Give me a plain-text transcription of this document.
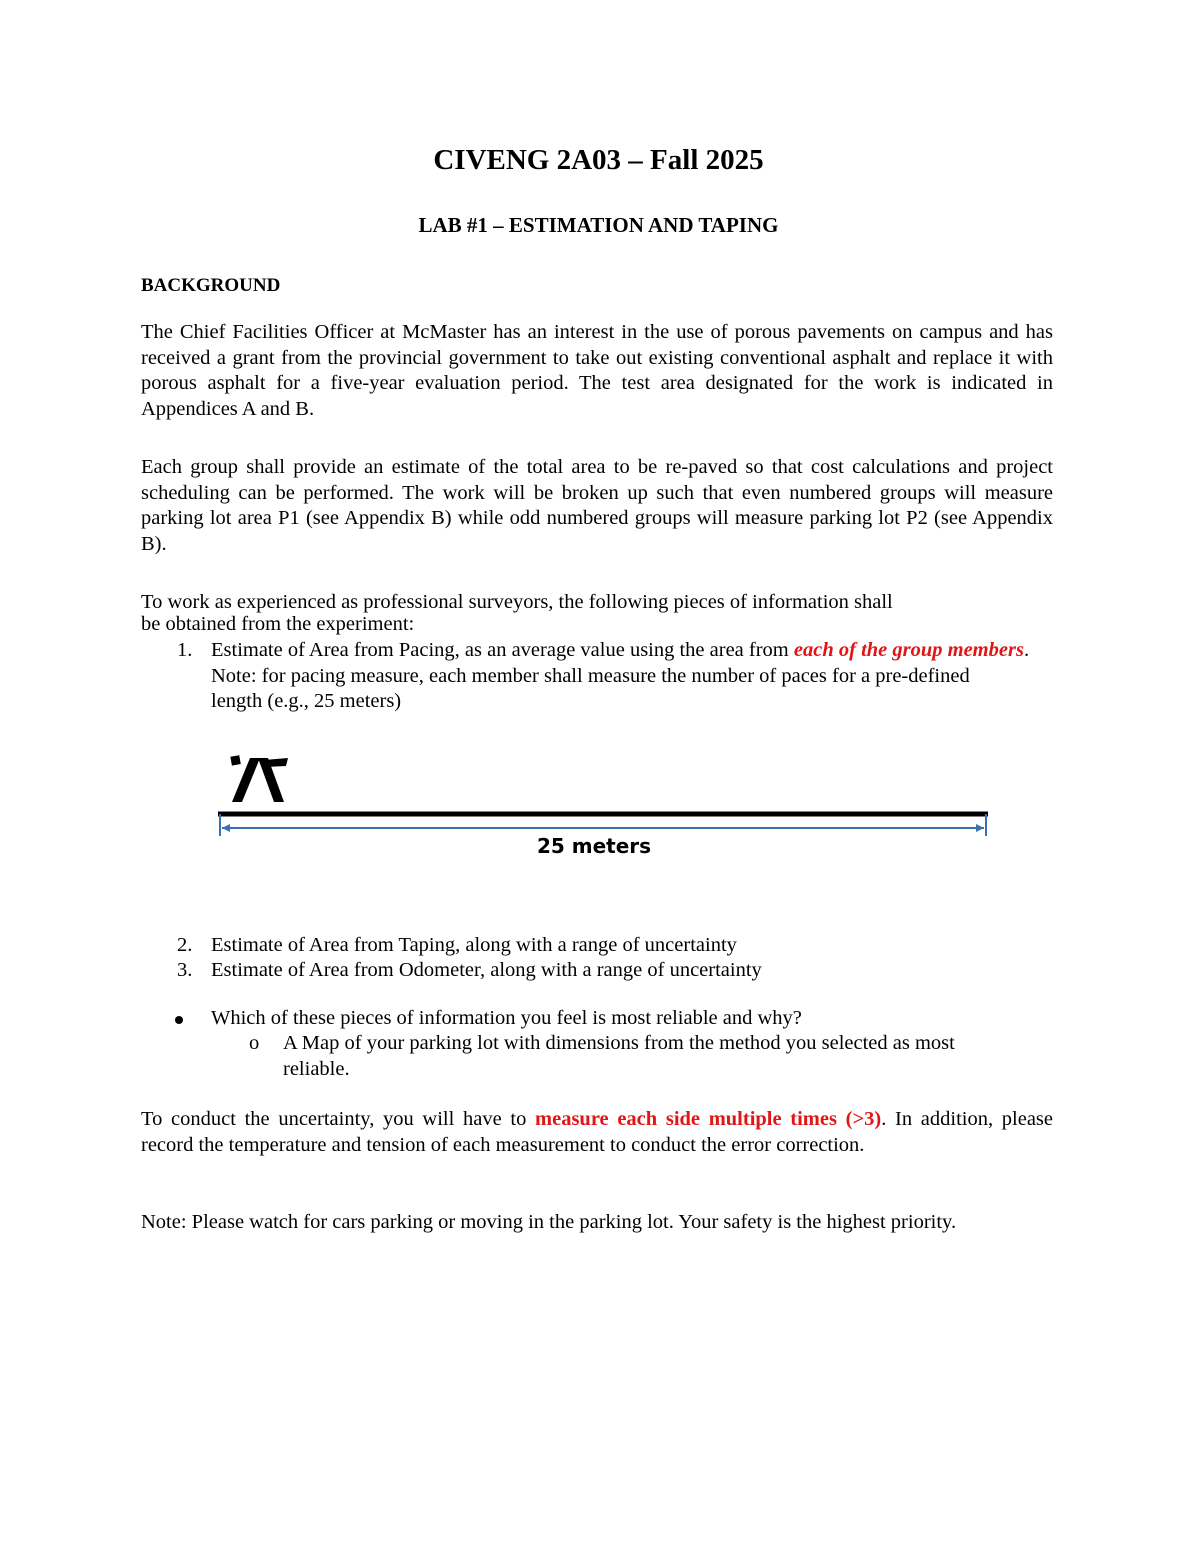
CIVENG 2A03 – Fall 2025
LAB #1 – ESTIMATION AND TAPING
BACKGROUND
The Chief Facilities Officer at McMaster has an interest in the use of porous pavements on campus and has received a grant from the provincial government to take out existing conventional asphalt and replace it with porous asphalt for a five-year evaluation period. The test area designated for the work is indicated in Appendices A and B.
Each group shall provide an estimate of the total area to be re-paved so that cost calculations and project scheduling can be performed. The work will be broken up such that even numbered groups will measure parking lot area P1 (see Appendix B) while odd numbered groups will measure parking lot P2 (see Appendix B).
To work as experienced as professional surveyors, the following pieces of information shall
be obtained from the experiment:
1. Estimate of Area from Pacing, as an average value using the area from each of the group members.
Note: for pacing measure, each member shall measure the number of paces for a pre-defined length (e.g., 25 meters)
2. Estimate of Area from Taping, along with a range of uncertainty
3. Estimate of Area from Odometer, along with a range of uncertainty
Which of these pieces of information you feel is most reliable and why?
o A Map of your parking lot with dimensions from the method you selected as most reliable.
To conduct the uncertainty, you will have to measure each side multiple times (>3). In addition, please record the temperature and tension of each measurement to conduct the error correction.
Note: Please watch for cars parking or moving in the parking lot. Your safety is the highest priority.
25 meters
